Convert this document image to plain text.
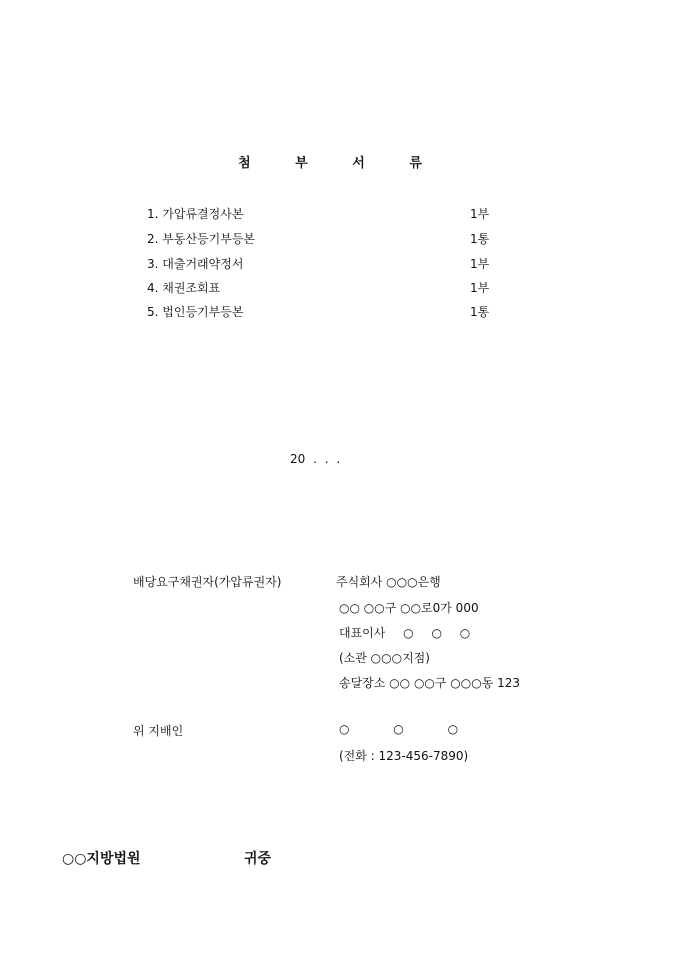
첨 부 서 류
1. 가압류결정사본	1부
2. 부동산등기부등본	1통
3. 대출거래약정서	1부
4. 채권조회표	1부
5. 법인등기부등본	1통
20 . . .
배당요구채권자(가압류권자)	주식회사 ○○○은행
○○ ○○구 ○○로0가 000
대표이사 ○ ○ ○
(소관 ○○○지점)
송달장소 ○○ ○○구 ○○○동 123
위 지배인	○ ○ ○
(전화 : 123-456-7890)
○○지방법원	귀중
